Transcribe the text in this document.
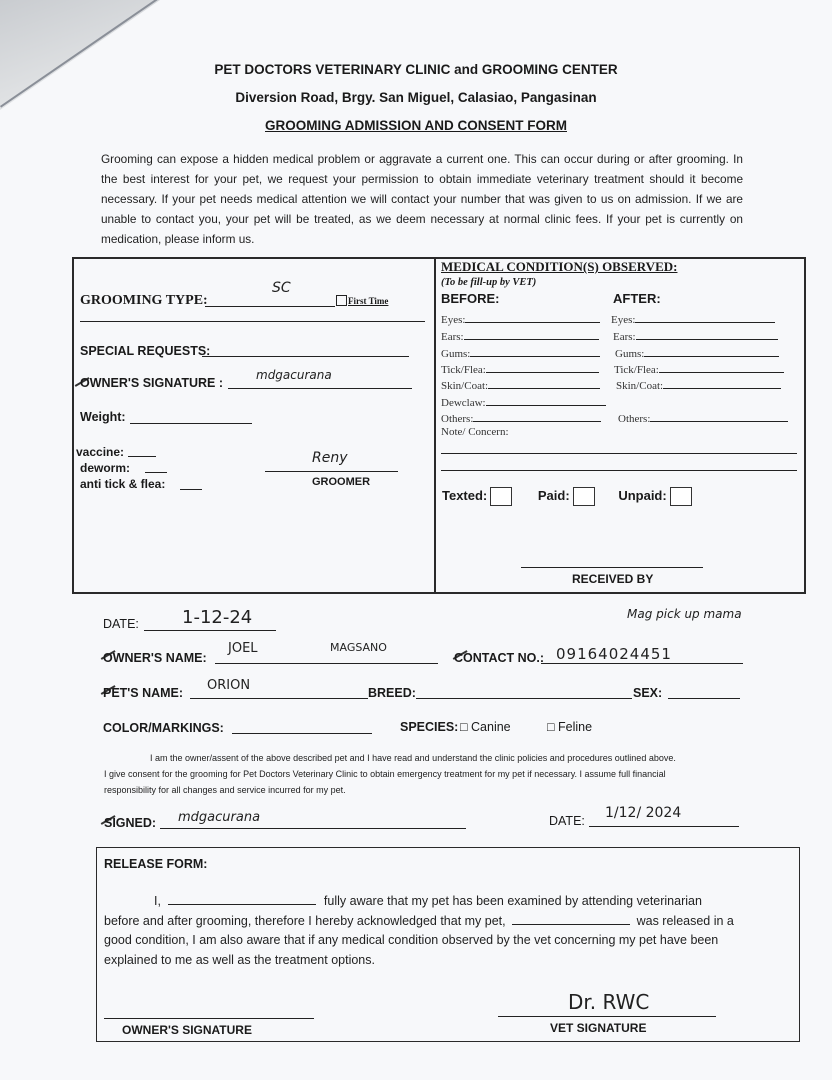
PET DOCTORS VETERINARY CLINIC and GROOMING CENTER
Diversion Road, Brgy. San Miguel, Calasiao, Pangasinan
GROOMING ADMISSION AND CONSENT FORM
Grooming can expose a hidden medical problem or aggravate a current one. This can occur during or after grooming. In the best interest for your pet, we request your permission to obtain immediate veterinary treatment should it become necessary. If your pet needs medical attention we will contact your number that was given to us on admission. If we are unable to contact you, your pet will be treated, as we deem necessary at normal clinic fees. If your pet is currently on medication, please inform us.
GROOMING TYPE:
SC
First Time
SPECIAL REQUESTS:
OWNER'S SIGNATURE :
mdgacurana
Weight:
vaccine:
deworm:
anti tick & flea:
Reny
GROOMER
MEDICAL CONDITION(S) OBSERVED:
(To be fill-up by VET)
BEFORE:	AFTER:
Eyes:	Eyes:
Ears:	Ears:
Gums:	Gums:
Tick/Flea:	Tick/Flea:
Skin/Coat:	Skin/Coat:
Dewclaw:
Others:	Others:
Note/ Concern:
Texted:	Paid:	Unpaid:
RECEIVED BY
DATE: 1-12-24	Mag pick up mama
OWNER'S NAME:
JOEL	MAGSANO
CONTACT NO.: 09164024451
PET'S NAME: ORION	BREED:	SEX:
COLOR/MARKINGS:	SPECIES: □ Canine	□ Feline
I am the owner/assent of the above described pet and I have read and understand the clinic policies and procedures outlined above.
I give consent for the grooming for Pet Doctors Veterinary Clinic to obtain emergency treatment for my pet if necessary. I assume full financial
responsibility for all changes and service incurred for my pet.
SIGNED: mdgacurana	DATE: 1/12/ 2024
RELEASE FORM:
I,	fully aware that my pet has been examined by attending veterinarian
before and after grooming, therefore I hereby acknowledged that my pet,	was released in a
good condition, I am also aware that if any medical condition observed by the vet concerning my pet have been
explained to me as well as the treatment options.
OWNER'S SIGNATURE
Dr. RWC
VET SIGNATURE
